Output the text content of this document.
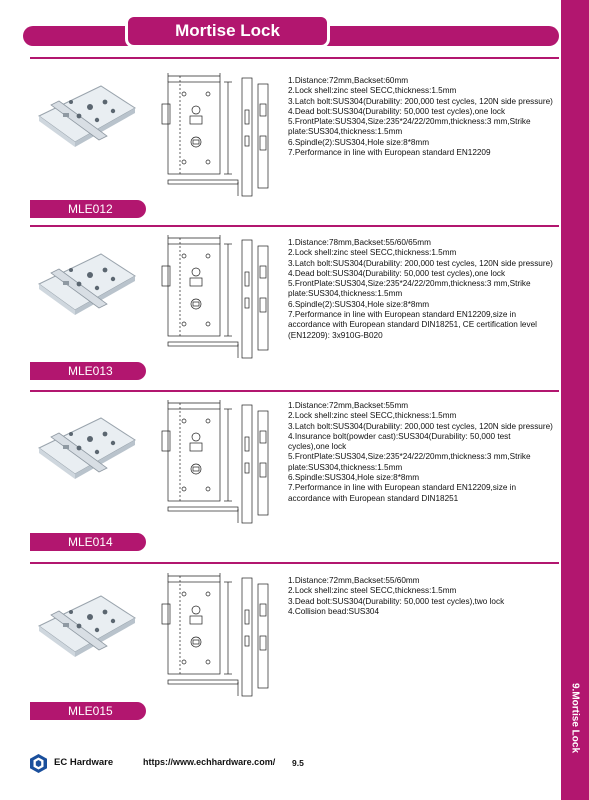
9.Mortise Lock
Mortise Lock
1.Distance:72mm,Backset:60mm
2.Lock shell:zinc steel SECC,thickness:1.5mm
3.Latch bolt:SUS304(Durability: 200,000 test cycles, 120N side pressure)
4.Dead bolt:SUS304(Durability: 50,000 test cycles),one lock
5.FrontPlate:SUS304,Size:235*24/22/20mm,thickness:3 mm,Strike plate:SUS304,thickness:1.5mm
6.Spindle(2):SUS304,Hole size:8*8mm
7.Performance in line with European standard EN12209
MLE012
1.Distance:78mm,Backset:55/60/65mm
2.Lock shell:zinc steel SECC,thickness:1.5mm
3.Latch bolt:SUS304(Durability: 200,000 test cycles, 120N side pressure)
4.Dead bolt:SUS304(Durability: 50,000 test cycles),one lock
5.FrontPlate:SUS304,Size:235*24/22/20mm,thickness:3 mm,Strike plate:SUS304,thickness:1.5mm
6.Spindle(2):SUS304,Hole size:8*8mm
7.Performance in line with European standard EN12209,size in accordance with European standard DIN18251, CE certification level (EN12209): 3x910G-B020
MLE013
1.Distance:72mm,Backset:55mm
2.Lock shell:zinc steel SECC,thickness:1.5mm
3.Latch bolt:SUS304(Durability: 200,000 test cycles, 120N side pressure)
4.Insurance bolt(powder cast):SUS304(Durability: 50,000 test cycles),one lock
5.FrontPlate:SUS304,Size:235*24/22/20mm,thickness:3 mm,Strike plate:SUS304,thickness:1.5mm
6.Spindle:SUS304,Hole size:8*8mm
7.Performance in line with European standard EN12209,size in accordance with European standard DIN18251
MLE014
1.Distance:72mm,Backset:55/60mm
2.Lock shell:zinc steel SECC,thickness:1.5mm
3.Dead bolt:SUS304(Durability: 50,000 test cycles),two lock
4.Collision bead:SUS304
MLE015
EC Hardware	https://www.echhardware.com/ 9.5
